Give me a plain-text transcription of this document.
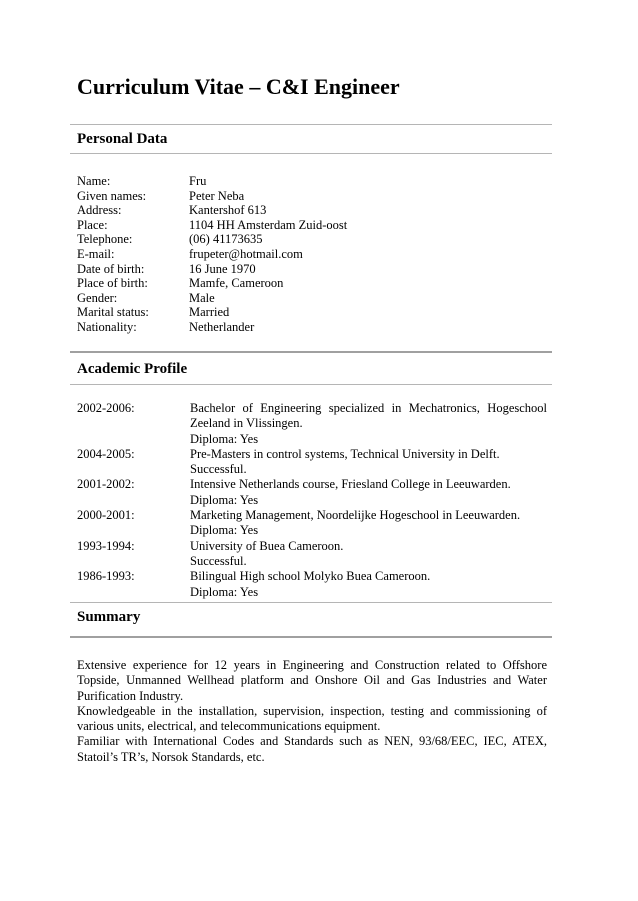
Curriculum Vitae – C&I Engineer
Personal Data
Name:	Fru
Given names:	Peter Neba
Address:	Kantershof 613
Place:	1104 HH Amsterdam Zuid-oost
Telephone:	(06) 41173635
E-mail:	frupeter@hotmail.com
Date of birth:	16 June 1970
Place of birth:	Mamfe, Cameroon
Gender:	Male
Marital status:	Married
Nationality:	Netherlander
Academic Profile
2002-2006:	Bachelor of Engineering specialized in Mechatronics, Hogeschool Zeeland in Vlissingen.
Diploma: Yes
2004-2005:	Pre-Masters in control systems, Technical University in Delft.
Successful.
2001-2002:	Intensive Netherlands course, Friesland College in Leeuwarden.
Diploma: Yes
2000-2001:	Marketing Management, Noordelijke Hogeschool in Leeuwarden.
Diploma: Yes
1993-1994:	University of Buea Cameroon.
Successful.
1986-1993:	Bilingual High school Molyko Buea Cameroon.
Diploma: Yes
Summary

Extensive experience for 12 years in Engineering and Construction related to Offshore Topside, Unmanned Wellhead platform and Onshore Oil and Gas Industries and Water Purification Industry.

Knowledgeable in the installation, supervision, inspection, testing and commissioning of various units, electrical, and telecommunications equipment.

Familiar with International Codes and Standards such as NEN, 93/68/EEC, IEC, ATEX, Statoil’s TR’s, Norsok Standards, etc.
